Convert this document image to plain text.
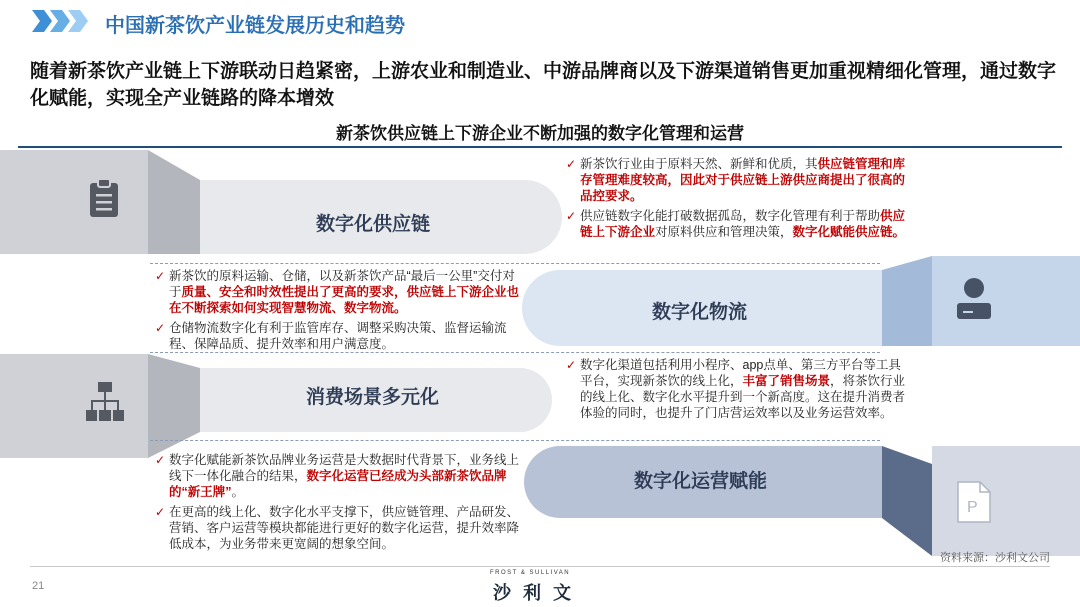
中国新茶饮产业链发展历史和趋势
随着新茶饮产业链上下游联动日趋紧密，上游农业和制造业、中游品牌商以及下游渠道销售更加重视精细化管理，通过数字化赋能，实现全产业链路的降本增效
新茶饮供应链上下游企业不断加强的数字化管理和运营
P
数字化供应链
数字化物流
消费场景多元化
数字化运营赋能
✓ 新茶饮行业由于原料天然、新鲜和优质，其供应链管理和库存管理难度较高，因此对于供应链上游供应商提出了很高的品控要求。
✓ 供应链数字化能打破数据孤岛，数字化管理有利于帮助供应链上下游企业对原料供应和管理决策，数字化赋能供应链。
✓ 新茶饮的原料运输、仓储，以及新茶饮产品“最后一公里”交付对于质量、安全和时效性提出了更高的要求，供应链上下游企业也在不断探索如何实现智慧物流、数字物流。
✓ 仓储物流数字化有利于监管库存、调整采购决策、监督运输流程、保障品质、提升效率和用户满意度。
✓ 数字化渠道包括利用小程序、app点单、第三方平台等工具平台，实现新茶饮的线上化，丰富了销售场景，将茶饮行业的线上化、数字化水平提升到一个新高度。这在提升消费者体验的同时，也提升了门店营运效率以及业务运营效率。
✓ 数字化赋能新茶饮品牌业务运营是大数据时代背景下，业务线上线下一体化融合的结果，数字化运营已经成为头部新茶饮品牌的“新王牌”。
✓ 在更高的线上化、数字化水平支撑下，供应链管理、产品研发、营销、客户运营等模块都能进行更好的数字化运营，提升效率降低成本，为业务带来更宽阔的想象空间。
资料来源：沙利文公司
21
FROST & SULLIVAN
沙利文
